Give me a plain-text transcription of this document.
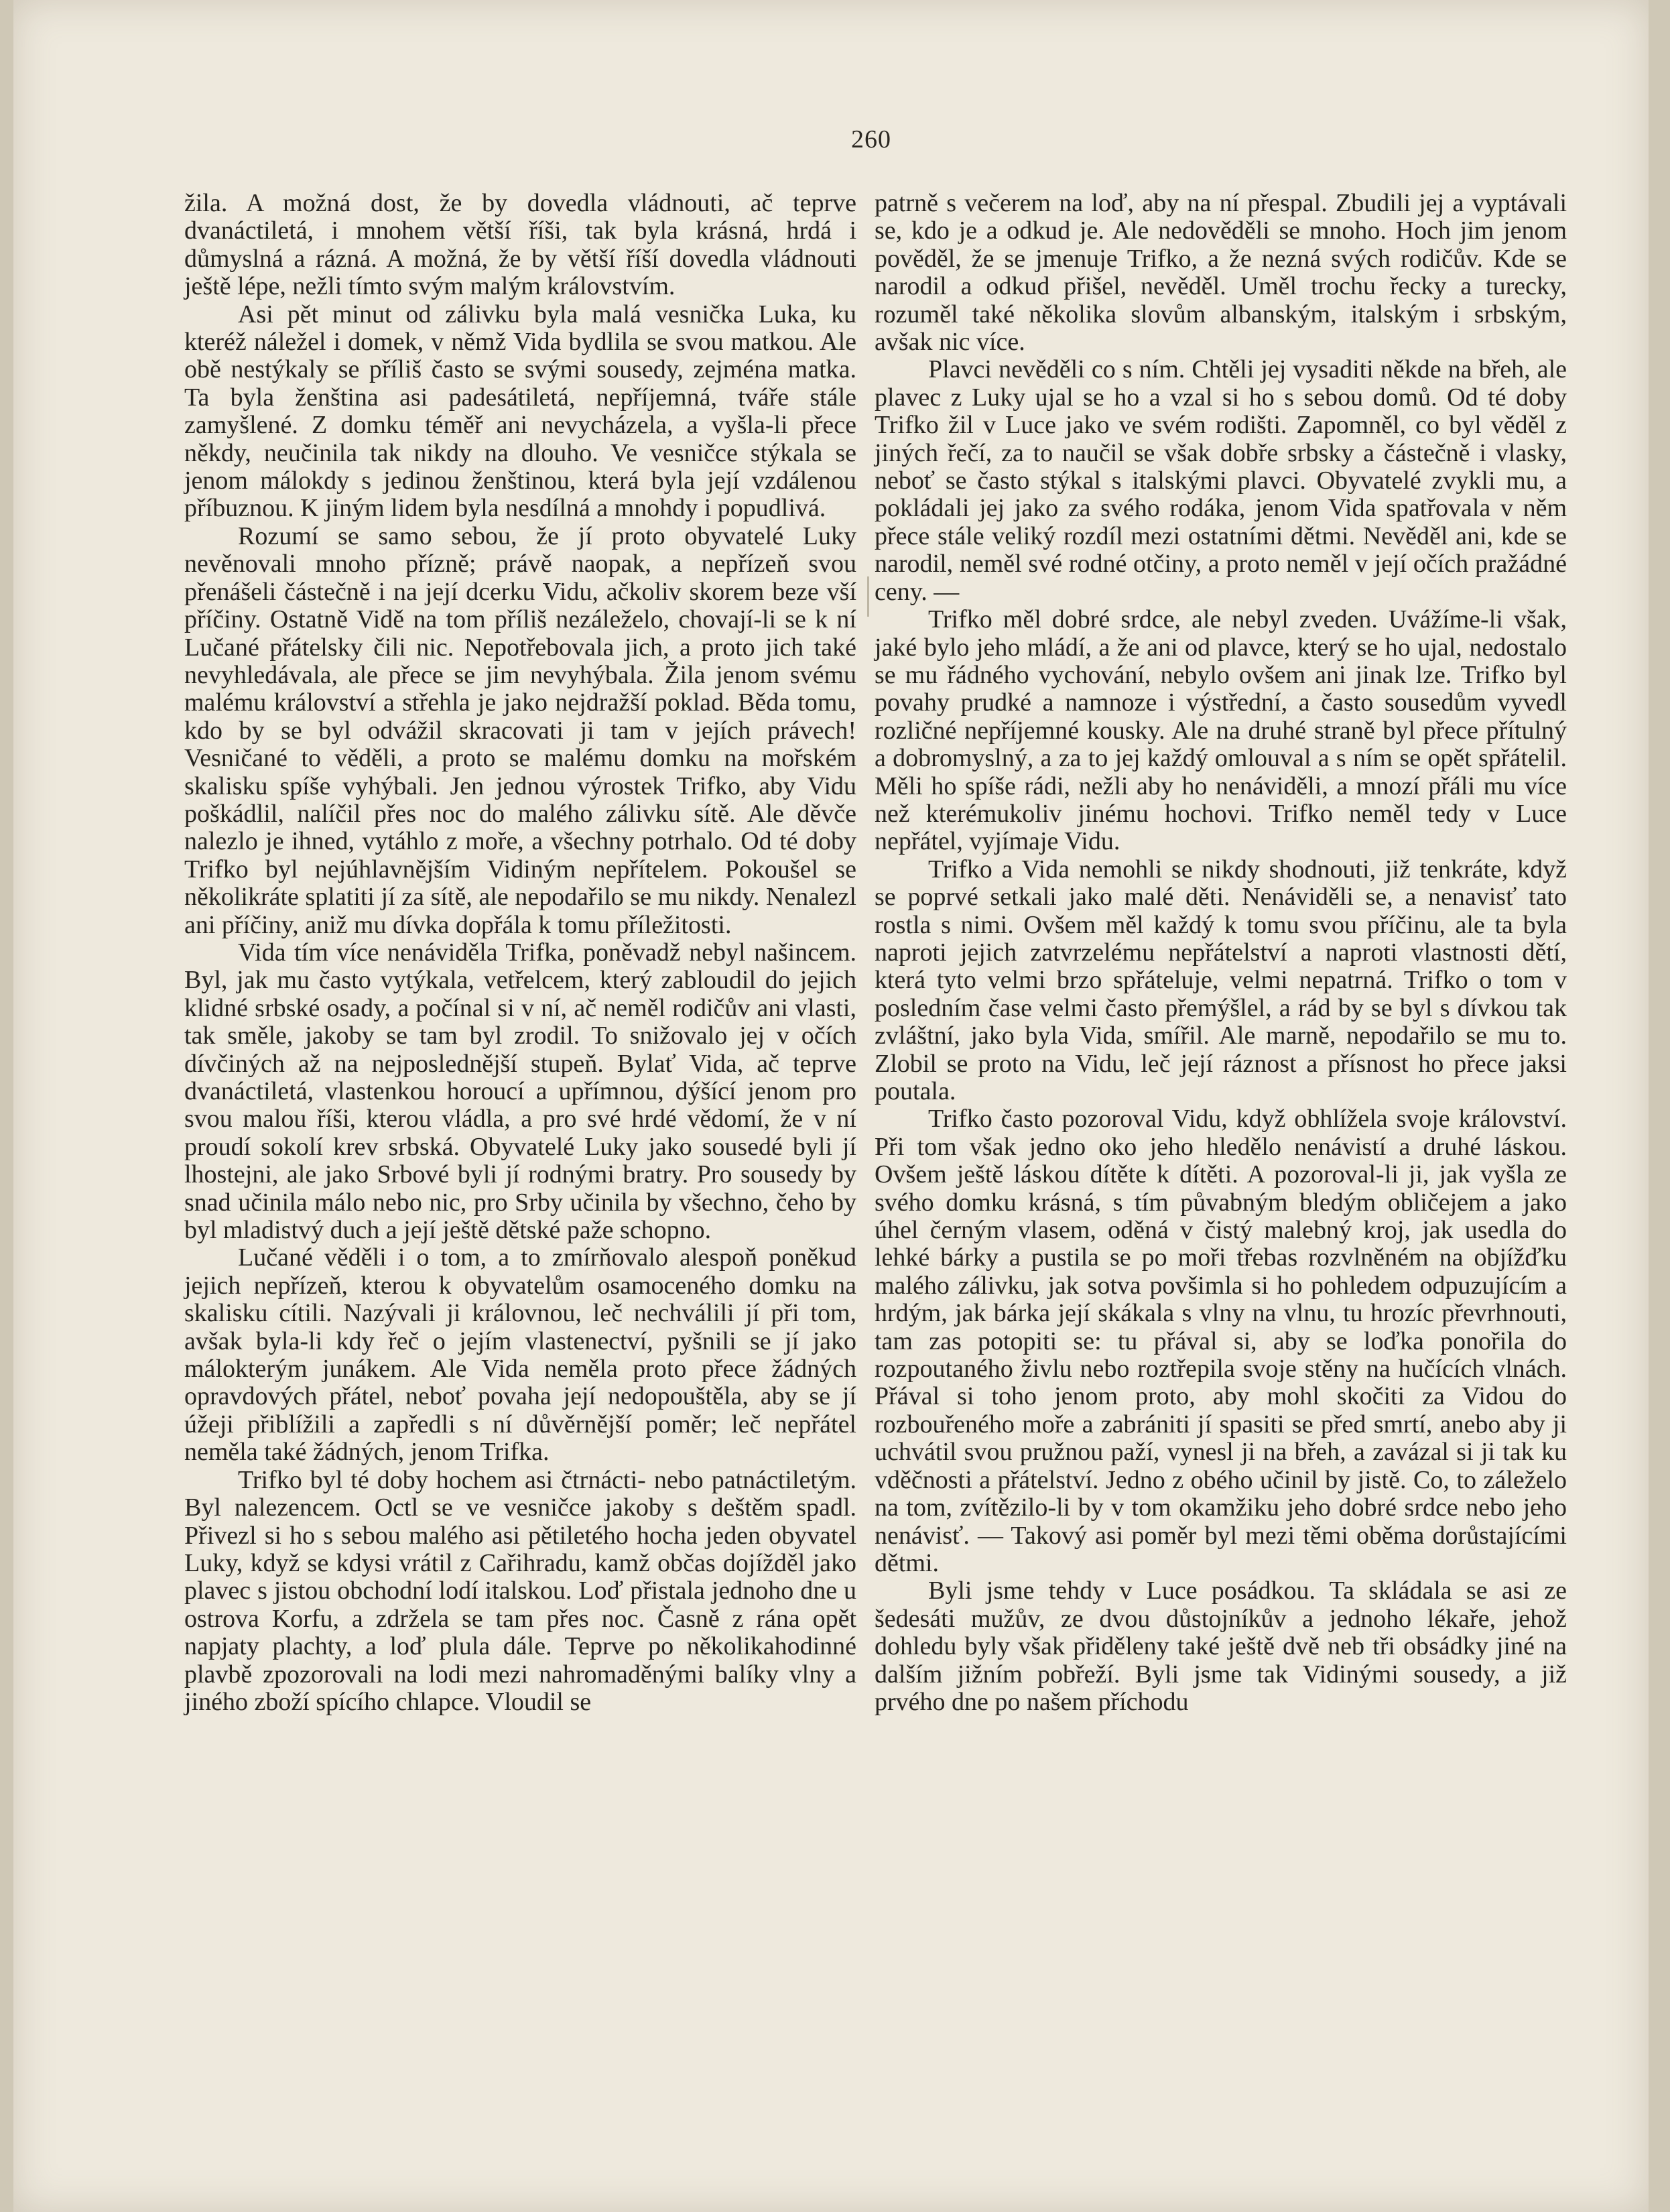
260

žila. A možná dost, že by dovedla vládnouti, ač teprve dvanáctiletá, i mnohem větší říši, tak byla krásná, hrdá i důmyslná a rázná. A možná, že by větší říší dovedla vládnouti ještě lépe, nežli tímto svým malým královstvím.

Asi pět minut od zálivku byla malá vesnička Luka, ku kteréž náležel i domek, v němž Vida bydlila se svou matkou. Ale obě nestýkaly se příliš často se svými sousedy, zejména matka. Ta byla ženština asi padesátiletá, nepříjemná, tváře stále zamyšlené. Z domku téměř ani nevycházela, a vyšla-li přece někdy, neučinila tak nikdy na dlouho. Ve vesničce stýkala se jenom málokdy s jedinou ženštinou, která byla její vzdálenou příbuznou. K jiným lidem byla nesdílná a mnohdy i popudlivá.

Rozumí se samo sebou, že jí proto obyvatelé Luky nevěnovali mnoho přízně; právě naopak, a nepřízeň svou přenášeli částečně i na její dcerku Vidu, ačkoliv skorem beze vší příčiny. Ostatně Vidě na tom příliš nezáleželo, chovají-li se k ní Lučané přátelsky čili nic. Nepotřebovala jich, a proto jich také nevyhledávala, ale přece se jim nevyhýbala. Žila jenom svému malému království a střehla je jako nejdražší poklad. Běda tomu, kdo by se byl odvážil skracovati ji tam v jejích právech! Vesničané to věděli, a proto se malému domku na mořském skalisku spíše vyhýbali. Jen jednou výrostek Trifko, aby Vidu poškádlil, nalíčil přes noc do malého zálivku sítě. Ale děvče nalezlo je ihned, vytáhlo z moře, a všechny potrhalo. Od té doby Trifko byl nejúhlavnějším Vidiným nepřítelem. Pokoušel se několikráte splatiti jí za sítě, ale nepodařilo se mu nikdy. Nenalezl ani příčiny, aniž mu dívka dopřála k tomu příležitosti.

Vida tím více nenáviděla Trifka, poněvadž nebyl našincem. Byl, jak mu často vytýkala, vetřelcem, který zabloudil do jejich klidné srbské osady, a počínal si v ní, ač neměl rodičův ani vlasti, tak směle, jakoby se tam byl zrodil. To snižovalo jej v očích dívčiných až na nejposlednější stupeň. Bylať Vida, ač teprve dvanáctiletá, vlastenkou horoucí a upřímnou, dýšící jenom pro svou malou říši, kterou vládla, a pro své hrdé vědomí, že v ní proudí sokolí krev srbská. Obyvatelé Luky jako sousedé byli jí lhostejni, ale jako Srbové byli jí rodnými bratry. Pro sousedy by snad učinila málo nebo nic, pro Srby učinila by všechno, čeho by byl mladistvý duch a její ještě dětské paže schopno.

Lučané věděli i o tom, a to zmírňovalo alespoň poněkud jejich nepřízeň, kterou k obyvatelům osamoceného domku na skalisku cítili. Nazývali ji královnou, leč nechválili jí při tom, avšak byla-li kdy řeč o jejím vlastenectví, pyšnili se jí jako málokterým junákem. Ale Vida neměla proto přece žádných opravdových přátel, neboť povaha její nedopouštěla, aby se jí úžeji přiblížili a zapředli s ní důvěrnější poměr; leč nepřátel neměla také žádných, jenom Trifka.

Trifko byl té doby hochem asi čtrnácti- nebo patnáctiletým. Byl nalezencem. Octl se ve vesničce jakoby s deštěm spadl. Přivezl si ho s sebou malého asi pětiletého hocha jeden obyvatel Luky, když se kdysi vrátil z Cařihradu, kamž občas dojížděl jako plavec s jistou obchodní lodí italskou. Loď přistala jednoho dne u ostrova Korfu, a zdržela se tam přes noc. Časně z rána opět napjaty plachty, a loď plula dále. Teprve po několikahodinné plavbě zpozorovali na lodi mezi nahromaděnými balíky vlny a jiného zboží spícího chlapce. Vloudil se

patrně s večerem na loď, aby na ní přespal. Zbudili jej a vyptávali se, kdo je a odkud je. Ale nedověděli se mnoho. Hoch jim jenom pověděl, že se jmenuje Trifko, a že nezná svých rodičův. Kde se narodil a odkud přišel, nevěděl. Uměl trochu řecky a turecky, rozuměl také několika slovům albanským, italským i srbským, avšak nic více.

Plavci nevěděli co s ním. Chtěli jej vysaditi někde na břeh, ale plavec z Luky ujal se ho a vzal si ho s sebou domů. Od té doby Trifko žil v Luce jako ve svém rodišti. Zapomněl, co byl věděl z jiných řečí, za to naučil se však dobře srbsky a částečně i vlasky, neboť se často stýkal s italskými plavci. Obyvatelé zvykli mu, a pokládali jej jako za svého rodáka, jenom Vida spatřovala v něm přece stále veliký rozdíl mezi ostatními dětmi. Nevěděl ani, kde se narodil, neměl své rodné otčiny, a proto neměl v její očích pražádné ceny. —

Trifko měl dobré srdce, ale nebyl zveden. Uvážíme-li však, jaké bylo jeho mládí, a že ani od plavce, který se ho ujal, nedostalo se mu řádného vychování, nebylo ovšem ani jinak lze. Trifko byl povahy prudké a namnoze i výstřední, a často sousedům vyvedl rozličné nepříjemné kousky. Ale na druhé straně byl přece přítulný a dobromyslný, a za to jej každý omlouval a s ním se opět spřátelil. Měli ho spíše rádi, nežli aby ho nenáviděli, a mnozí přáli mu více než kterémukoliv jinému hochovi. Trifko neměl tedy v Luce nepřátel, vyjímaje Vidu.

Trifko a Vida nemohli se nikdy shodnouti, již tenkráte, když se poprvé setkali jako malé děti. Nenáviděli se, a nenavisť tato rostla s nimi. Ovšem měl každý k tomu svou příčinu, ale ta byla naproti jejich zatvrzelému nepřátelství a naproti vlastnosti dětí, která tyto velmi brzo spřáteluje, velmi nepatrná. Trifko o tom v posledním čase velmi často přemýšlel, a rád by se byl s dívkou tak zvláštní, jako byla Vida, smířil. Ale marně, nepodařilo se mu to. Zlobil se proto na Vidu, leč její ráznost a přísnost ho přece jaksi poutala.

Trifko často pozoroval Vidu, když obhlížela svoje království. Při tom však jedno oko jeho hledělo nenávistí a druhé láskou. Ovšem ještě láskou dítěte k dítěti. A pozoroval-li ji, jak vyšla ze svého domku krásná, s tím půvabným bledým obličejem a jako úhel černým vlasem, oděná v čistý malebný kroj, jak usedla do lehké bárky a pustila se po moři třebas rozvlněném na objížďku malého zálivku, jak sotva povšimla si ho pohledem odpuzujícím a hrdým, jak bárka její skákala s vlny na vlnu, tu hrozíc převrhnouti, tam zas potopiti se: tu přával si, aby se loďka ponořila do rozpoutaného živlu nebo roztřepila svoje stěny na hučících vlnách. Přával si toho jenom proto, aby mohl skočiti za Vidou do rozbouřeného moře a zabrániti jí spasiti se před smrtí, anebo aby ji uchvátil svou pružnou paží, vynesl ji na břeh, a zavázal si ji tak ku vděčnosti a přátelství. Jedno z obého učinil by jistě. Co, to záleželo na tom, zvítězilo-li by v tom okamžiku jeho dobré srdce nebo jeho nenávisť. — Takový asi poměr byl mezi těmi oběma dorůstajícími dětmi.

Byli jsme tehdy v Luce posádkou. Ta skládala se asi ze šedesáti mužův, ze dvou důstojníkův a jednoho lékaře, jehož dohledu byly však přiděleny také ještě dvě neb tři obsádky jiné na dalším jižním pobřeží. Byli jsme tak Vidinými sousedy, a již prvého dne po našem příchodu
